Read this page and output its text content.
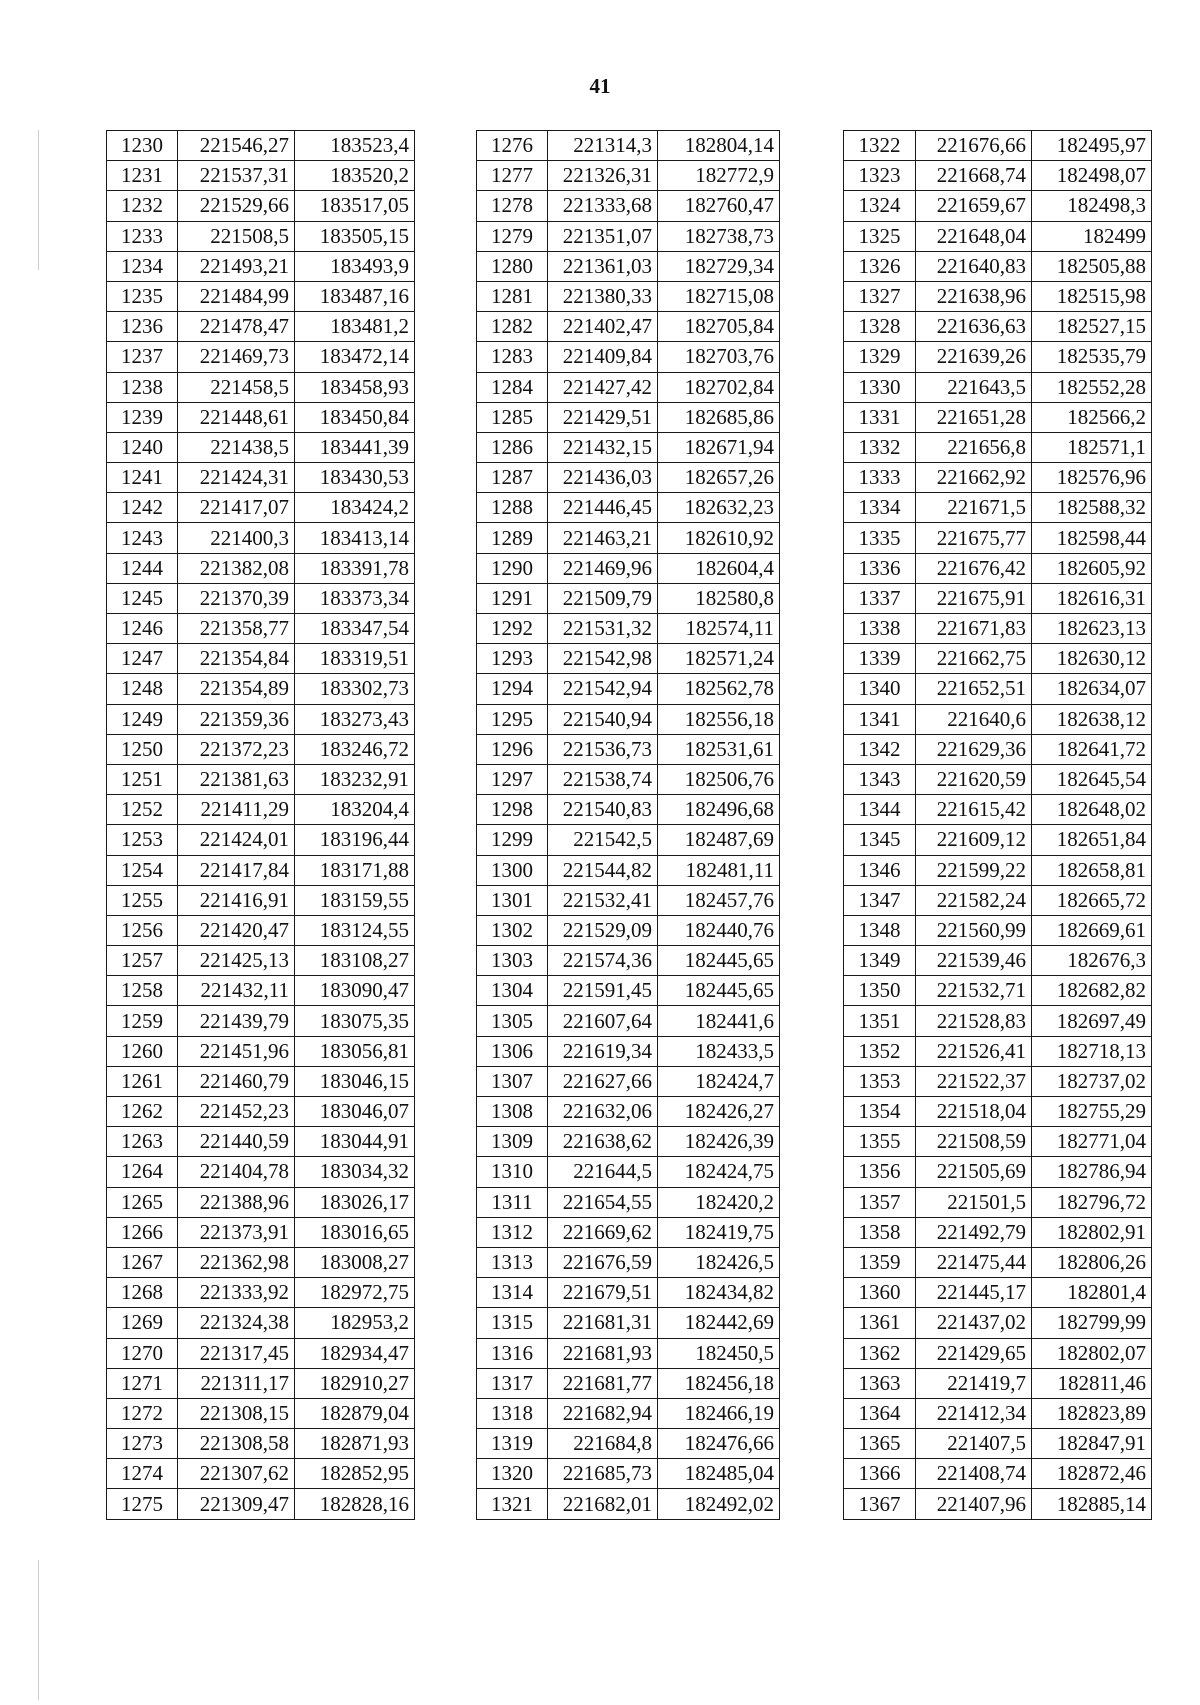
41
1230	221546,27	183523,4
1231	221537,31	183520,2
1232	221529,66	183517,05
1233	221508,5	183505,15
1234	221493,21	183493,9
1235	221484,99	183487,16
1236	221478,47	183481,2
1237	221469,73	183472,14
1238	221458,5	183458,93
1239	221448,61	183450,84
1240	221438,5	183441,39
1241	221424,31	183430,53
1242	221417,07	183424,2
1243	221400,3	183413,14
1244	221382,08	183391,78
1245	221370,39	183373,34
1246	221358,77	183347,54
1247	221354,84	183319,51
1248	221354,89	183302,73
1249	221359,36	183273,43
1250	221372,23	183246,72
1251	221381,63	183232,91
1252	221411,29	183204,4
1253	221424,01	183196,44
1254	221417,84	183171,88
1255	221416,91	183159,55
1256	221420,47	183124,55
1257	221425,13	183108,27
1258	221432,11	183090,47
1259	221439,79	183075,35
1260	221451,96	183056,81
1261	221460,79	183046,15
1262	221452,23	183046,07
1263	221440,59	183044,91
1264	221404,78	183034,32
1265	221388,96	183026,17
1266	221373,91	183016,65
1267	221362,98	183008,27
1268	221333,92	182972,75
1269	221324,38	182953,2
1270	221317,45	182934,47
1271	221311,17	182910,27
1272	221308,15	182879,04
1273	221308,58	182871,93
1274	221307,62	182852,95
1275	221309,47	182828,16
1276	221314,3	182804,14
1277	221326,31	182772,9
1278	221333,68	182760,47
1279	221351,07	182738,73
1280	221361,03	182729,34
1281	221380,33	182715,08
1282	221402,47	182705,84
1283	221409,84	182703,76
1284	221427,42	182702,84
1285	221429,51	182685,86
1286	221432,15	182671,94
1287	221436,03	182657,26
1288	221446,45	182632,23
1289	221463,21	182610,92
1290	221469,96	182604,4
1291	221509,79	182580,8
1292	221531,32	182574,11
1293	221542,98	182571,24
1294	221542,94	182562,78
1295	221540,94	182556,18
1296	221536,73	182531,61
1297	221538,74	182506,76
1298	221540,83	182496,68
1299	221542,5	182487,69
1300	221544,82	182481,11
1301	221532,41	182457,76
1302	221529,09	182440,76
1303	221574,36	182445,65
1304	221591,45	182445,65
1305	221607,64	182441,6
1306	221619,34	182433,5
1307	221627,66	182424,7
1308	221632,06	182426,27
1309	221638,62	182426,39
1310	221644,5	182424,75
1311	221654,55	182420,2
1312	221669,62	182419,75
1313	221676,59	182426,5
1314	221679,51	182434,82
1315	221681,31	182442,69
1316	221681,93	182450,5
1317	221681,77	182456,18
1318	221682,94	182466,19
1319	221684,8	182476,66
1320	221685,73	182485,04
1321	221682,01	182492,02
1322	221676,66	182495,97
1323	221668,74	182498,07
1324	221659,67	182498,3
1325	221648,04	182499
1326	221640,83	182505,88
1327	221638,96	182515,98
1328	221636,63	182527,15
1329	221639,26	182535,79
1330	221643,5	182552,28
1331	221651,28	182566,2
1332	221656,8	182571,1
1333	221662,92	182576,96
1334	221671,5	182588,32
1335	221675,77	182598,44
1336	221676,42	182605,92
1337	221675,91	182616,31
1338	221671,83	182623,13
1339	221662,75	182630,12
1340	221652,51	182634,07
1341	221640,6	182638,12
1342	221629,36	182641,72
1343	221620,59	182645,54
1344	221615,42	182648,02
1345	221609,12	182651,84
1346	221599,22	182658,81
1347	221582,24	182665,72
1348	221560,99	182669,61
1349	221539,46	182676,3
1350	221532,71	182682,82
1351	221528,83	182697,49
1352	221526,41	182718,13
1353	221522,37	182737,02
1354	221518,04	182755,29
1355	221508,59	182771,04
1356	221505,69	182786,94
1357	221501,5	182796,72
1358	221492,79	182802,91
1359	221475,44	182806,26
1360	221445,17	182801,4
1361	221437,02	182799,99
1362	221429,65	182802,07
1363	221419,7	182811,46
1364	221412,34	182823,89
1365	221407,5	182847,91
1366	221408,74	182872,46
1367	221407,96	182885,14
